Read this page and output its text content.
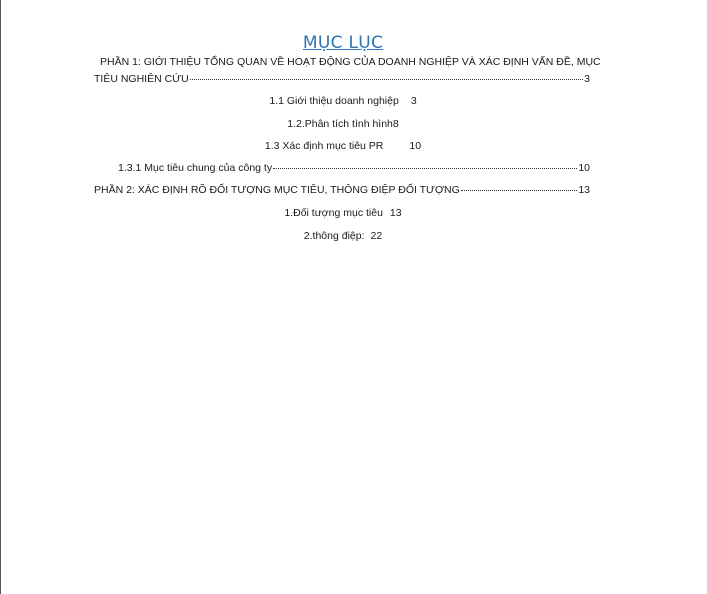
MỤC LỤC
PHẦN 1: GIỚI THIỆU TỔNG QUAN VỀ HOẠT ĐỘNG CỦA DOANH NGHIỆP VÀ XÁC ĐỊNH VẤN ĐỀ, MỤC
TIÊU NGHIÊN CỨU	3
1.1 Giới thiệu doanh nghiệp 3
1.2.Phân tích tình hình8
1.3 Xác định mục tiêu PR 10
1.3.1 Mục tiêu chung của công ty	10
PHẦN 2: XÁC ĐỊNH RÕ ĐỐI TƯỢNG MỤC TIÊU, THÔNG ĐIỆP ĐỐI TƯỢNG	13
1.Đối tượng mục tiêu 13
2.thông điệp: 22
